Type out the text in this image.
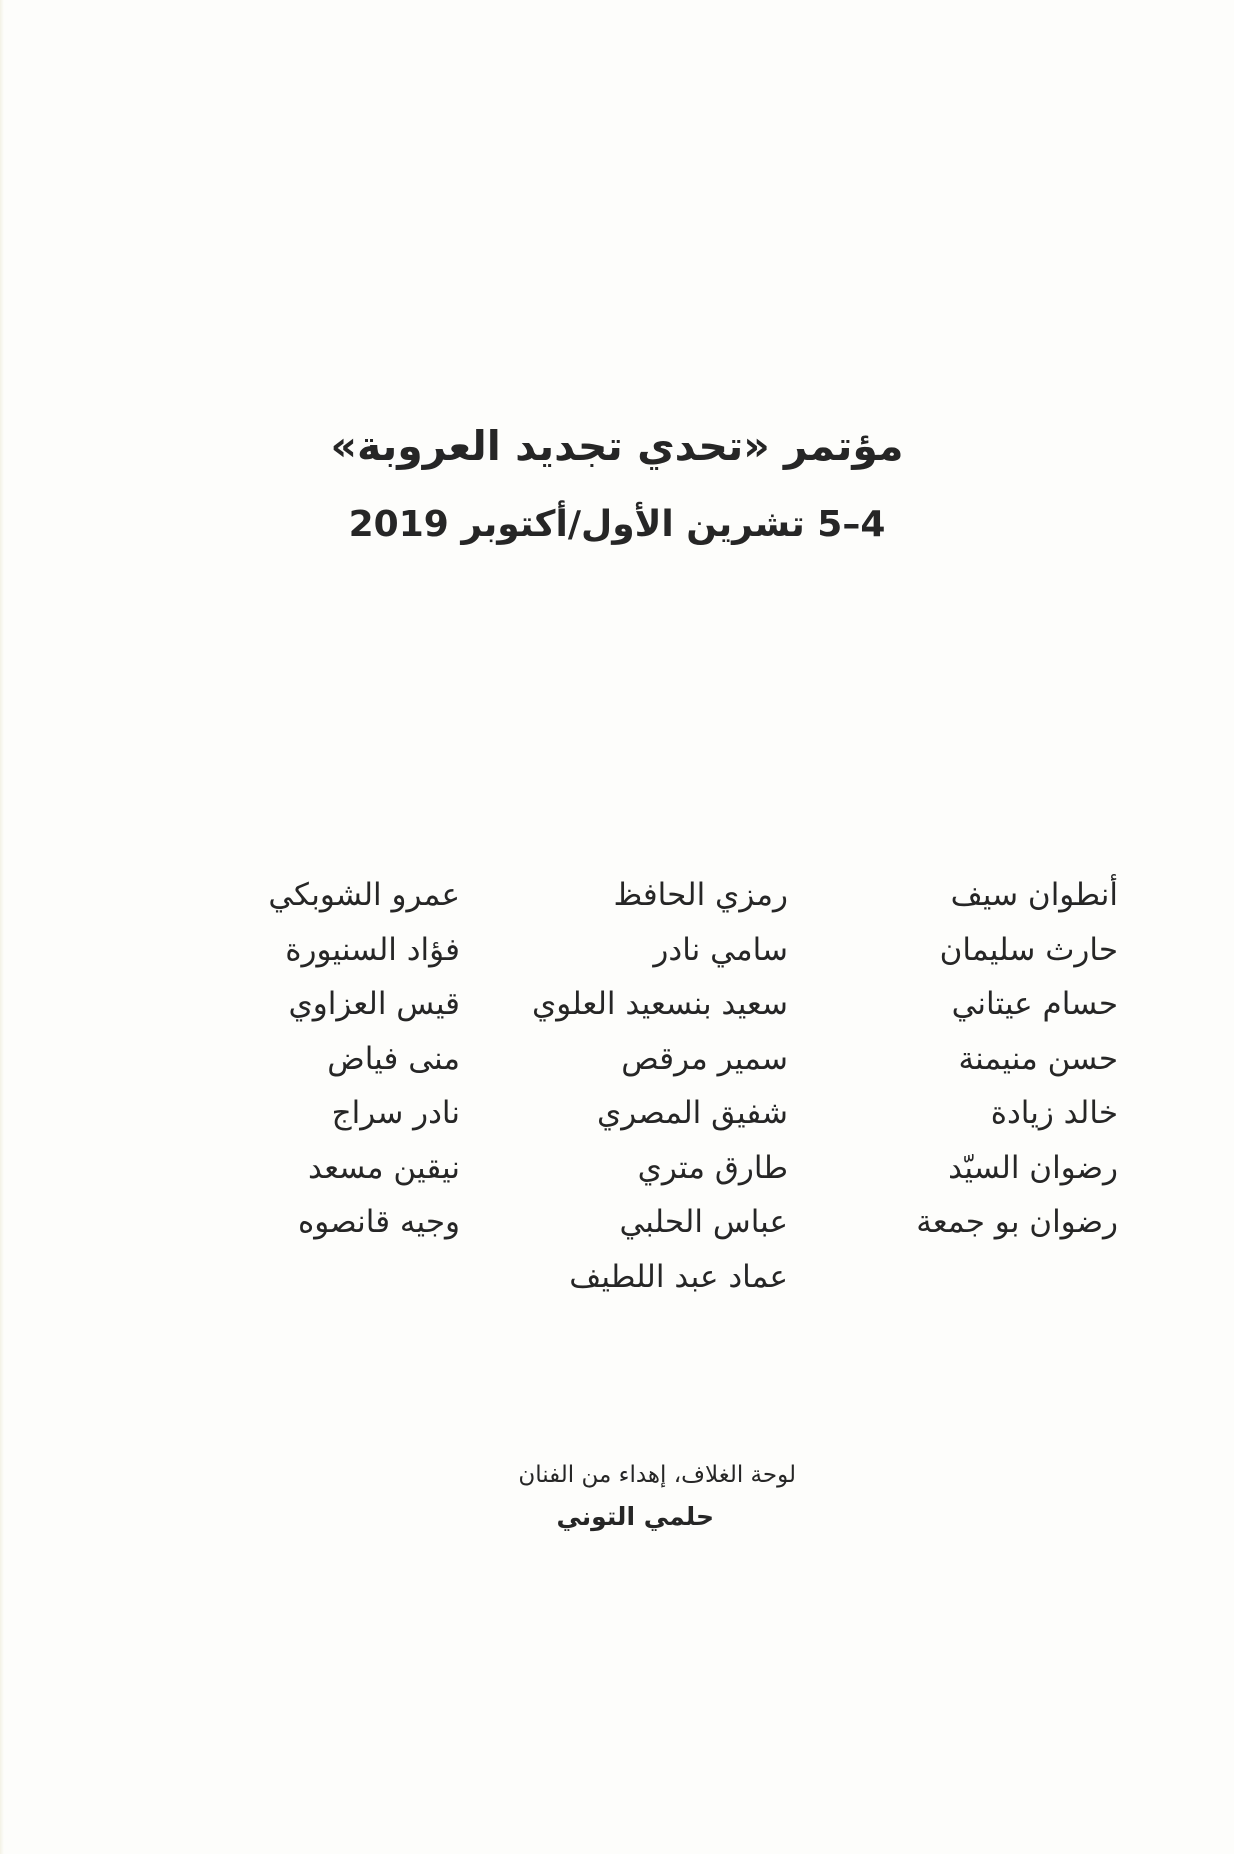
مؤتمر «تحدي تجديد العروبة»
4–5 تشرين الأول/أكتوبر 2019
أنطوان سيف
حارث سليمان
حسام عيتاني
حسن منيمنة
خالد زيادة
رضوان السيّد
رضوان بو جمعة
رمزي الحافظ
سامي نادر
سعيد بنسعيد العلوي
سمير مرقص
شفيق المصري
طارق متري
عباس الحلبي
عماد عبد اللطيف
عمرو الشوبكي
فؤاد السنيورة
قيس العزاوي
منى فياض
نادر سراج
نيقين مسعد
وجيه قانصوه
لوحة الغلاف، إهداء من الفنان
حلمي التوني
